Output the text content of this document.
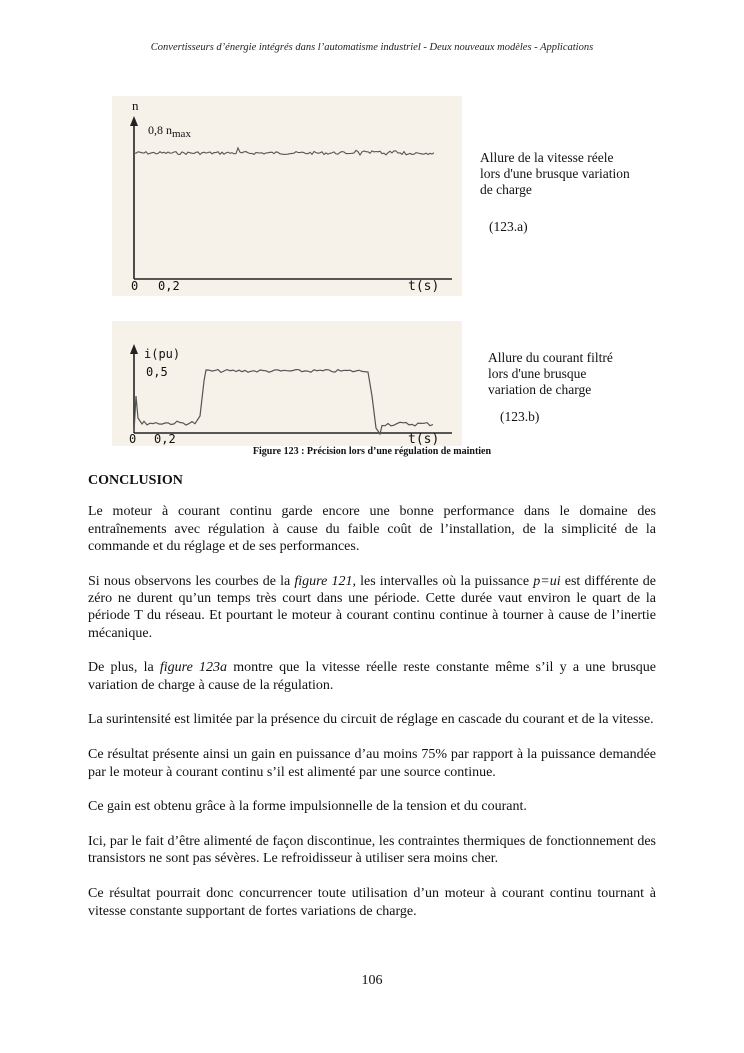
Convertisseurs d’énergie intégrés dans l’automatisme industriel - Deux nouveaux modèles - Applications
n
0,8 nmax
0 0,2	t(s)
i(pu)
0,5
0 0,2	t(s)
Allure de la vitesse réele
lors d'une brusque variation
de charge
(123.a)
Allure du courant filtré
lors d'une brusque
variation de charge
(123.b)
Figure 123 : Précision lors d’une régulation de maintien
CONCLUSION

Le moteur à courant continu garde encore une bonne performance dans le domaine des entraînements avec régulation à cause du faible coût de l’installation, de la simplicité de la commande et du réglage et de ses performances.

Si nous observons les courbes de la figure 121, les intervalles où la puissance p=ui est différente de zéro ne durent qu’un temps très court dans une période. Cette durée vaut environ le quart de la période T du réseau. Et pourtant le moteur à courant continu continue à tourner à cause de l’inertie mécanique.

De plus, la figure 123a montre que la vitesse réelle reste constante même s’il y a une brusque variation de charge à cause de la régulation.

La surintensité est limitée par la présence du circuit de réglage en cascade du courant et de la vitesse.

Ce résultat présente ainsi un gain en puissance d’au moins 75% par rapport à la puissance demandée par le moteur à courant continu s’il est alimenté par une source continue.

Ce gain est obtenu grâce à la forme impulsionnelle de la tension et du courant.

Ici, par le fait d’être alimenté de façon discontinue, les contraintes thermiques de fonctionnement des transistors ne sont pas sévères. Le refroidisseur à utiliser sera moins cher.

Ce résultat pourrait donc concurrencer toute utilisation d’un moteur à courant continu tournant à vitesse constante supportant de fortes variations de charge.

106
